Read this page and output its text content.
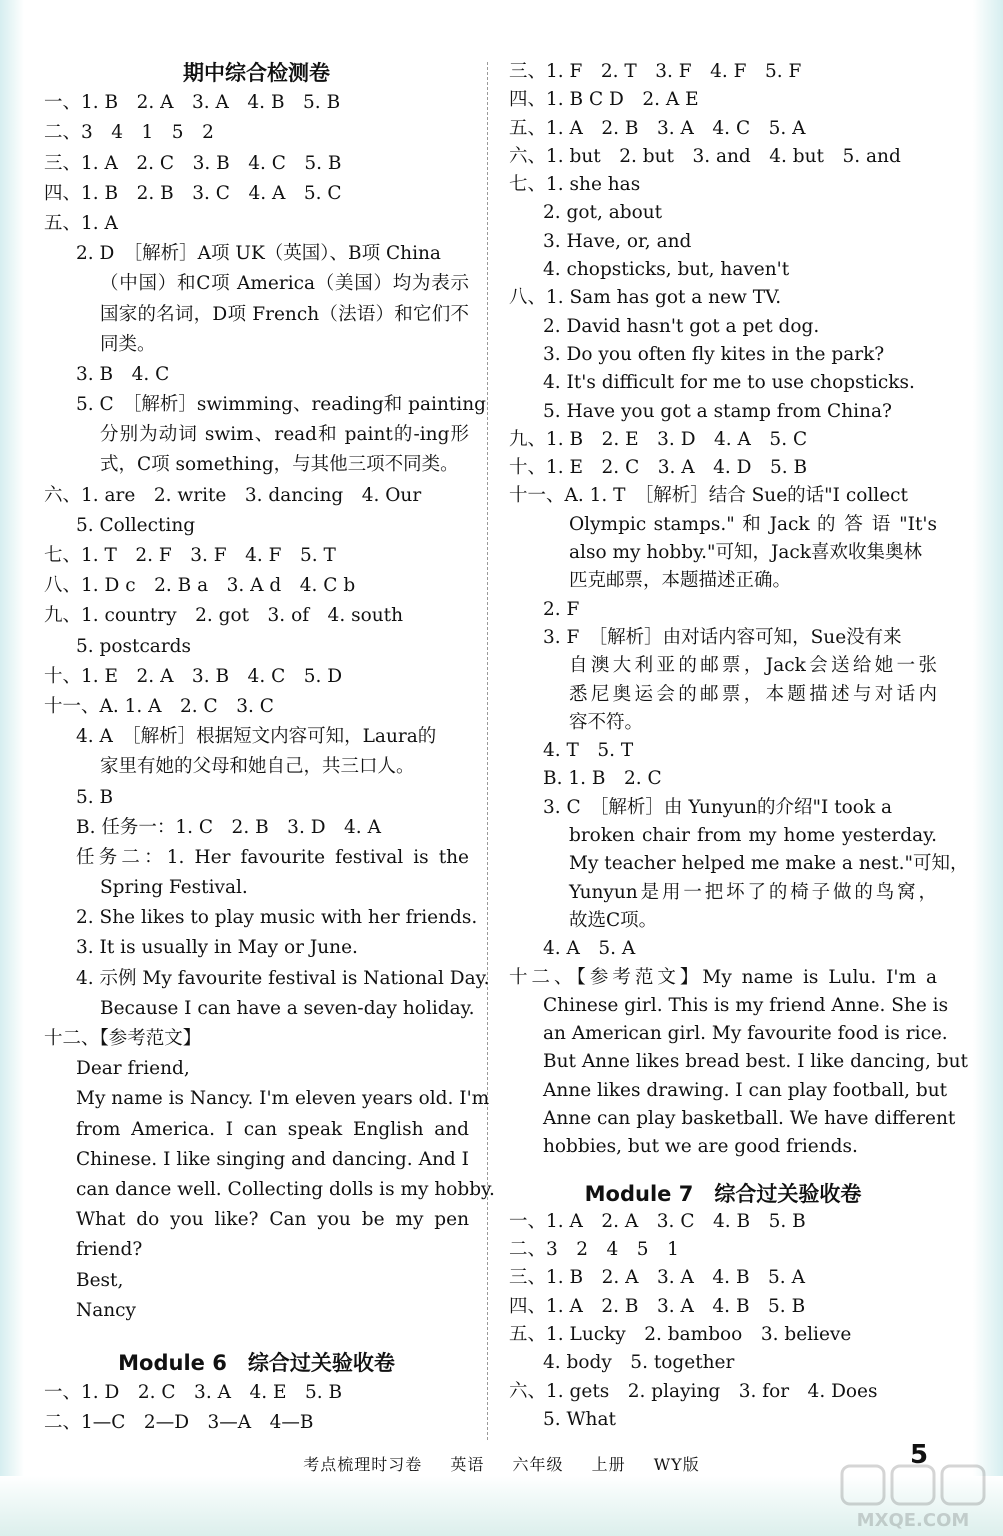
期中综合检测卷
一、1. B　2. A　3. A　4. B　5. B
二、3　4　1　5　2
三、1. A　2. C　3. B　4. C　5. B
四、1. B　2. B　3. C　4. A　5. C
五、1. A
2. D　［解析］A项 UK（英国）、B项 China
（中国）和C项 America（美国）均为表示
国家的名词，D项 French（法语）和它们不
同类。
3. B　4. C
5. C　［解析］swimming、reading和 painting
分别为动词 swim、read和 paint的-ing形
式，C项 something，与其他三项不同类。
六、1. are　2. write　3. dancing　4. Our
5. Collecting
七、1. T　2. F　3. F　4. F　5. T
八、1. D c　2. B a　3. A d　4. C b
九、1. country　2. got　3. of　4. south
5. postcards
十、1. E　2. A　3. B　4. C　5. D
十一、A. 1. A　2. C　3. C
4. A　［解析］根据短文内容可知，Laura的
家里有她的父母和她自己，共三口人。
5. B
B. 任务一：1. C　2. B　3. D　4. A
任务二：1. Her favourite festival is the
Spring Festival.
2. She likes to play music with her friends.
3. It is usually in May or June.
4. 示例 My favourite festival is National Day.
Because I can have a seven-day holiday.
十二、【参考范文】
Dear friend,
My name is Nancy. I'm eleven years old. I'm
from America. I can speak English and
Chinese. I like singing and dancing. And I
can dance well. Collecting dolls is my hobby.
What do you like? Can you be my pen
friend?
Best,
Nancy
Module 6　综合过关验收卷
一、1. D　2. C　3. A　4. E　5. B
二、1—C　2—D　3—A　4—B
三、1. F　2. T　3. F　4. F　5. F
四、1. B C D　2. A E
五、1. A　2. B　3. A　4. C　5. A
六、1. but　2. but　3. and　4. but　5. and
七、1. she has
2. got, about
3. Have, or, and
4. chopsticks, but, haven't
八、1. Sam has got a new TV.
2. David hasn't got a pet dog.
3. Do you often fly kites in the park?
4. It's difficult for me to use chopsticks.
5. Have you got a stamp from China?
九、1. B　2. E　3. D　4. A　5. C
十、1. E　2. C　3. A　4. D　5. B
十一、A. 1. T　［解析］结合 Sue的话"I collect
Olympic stamps." 和 Jack 的 答 语 "It's
also my hobby."可知，Jack喜欢收集奥林
匹克邮票，本题描述正确。
2. F
3. F　［解析］由对话内容可知，Sue没有来
自澳大利亚的邮票，Jack会送给她一张
悉尼奥运会的邮票，本题描述与对话内
容不符。
4. T　5. T
B. 1. B　2. C
3. C　［解析］由 Yunyun的介绍"I took a
broken chair from my home yesterday.
My teacher helped me make a nest."可知，
Yunyun是用一把坏了的椅子做的鸟窝，
故选C项。
4. A　5. A
十二、【参考范文】My name is Lulu. I'm a
Chinese girl. This is my friend Anne. She is
an American girl. My favourite food is rice.
But Anne likes bread best. I like dancing, but
Anne likes drawing. I can play football, but
Anne can play basketball. We have different
hobbies, but we are good friends.
Module 7　综合过关验收卷
一、1. A　2. A　3. C　4. B　5. B
二、3　2　4　5　1
三、1. B　2. A　3. A　4. B　5. A
四、1. A　2. B　3. A　4. B　5. B
五、1. Lucky　2. bamboo　3. believe
4. body　5. together
六、1. gets　2. playing　3. for　4. Does
5. What
考点梳理时习卷 英语 六年级 上册 WY版	5
MXQE.COM
